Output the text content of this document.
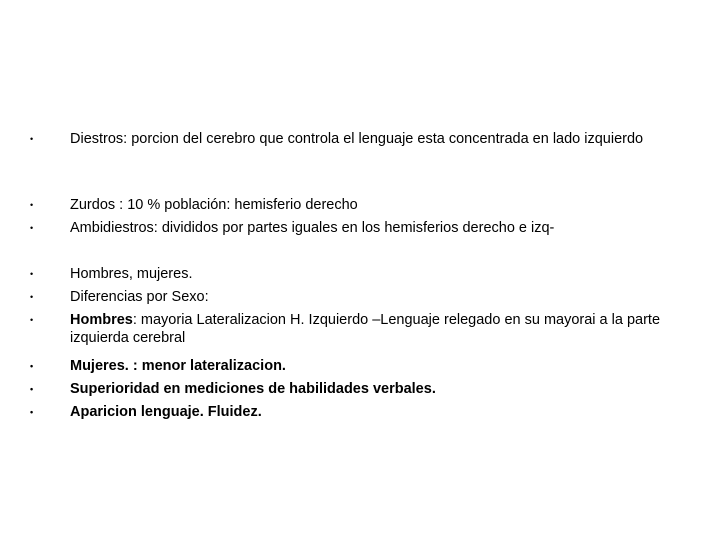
•	Diestros: porcion del cerebro que controla el lenguaje esta concentrada en lado izquierdo
•	Zurdos : 10 % población: hemisferio derecho
•	Ambidiestros: divididos por partes iguales en los hemisferios derecho e izq-
•	Hombres, mujeres.
•	Diferencias por Sexo:
•	Hombres: mayoria Lateralizacion H. Izquierdo –Lenguaje relegado en su mayorai a la parte izquierda cerebral
•	Mujeres. : menor lateralizacion.
•	Superioridad en mediciones de habilidades verbales.
•	Aparicion lenguaje. Fluidez.
